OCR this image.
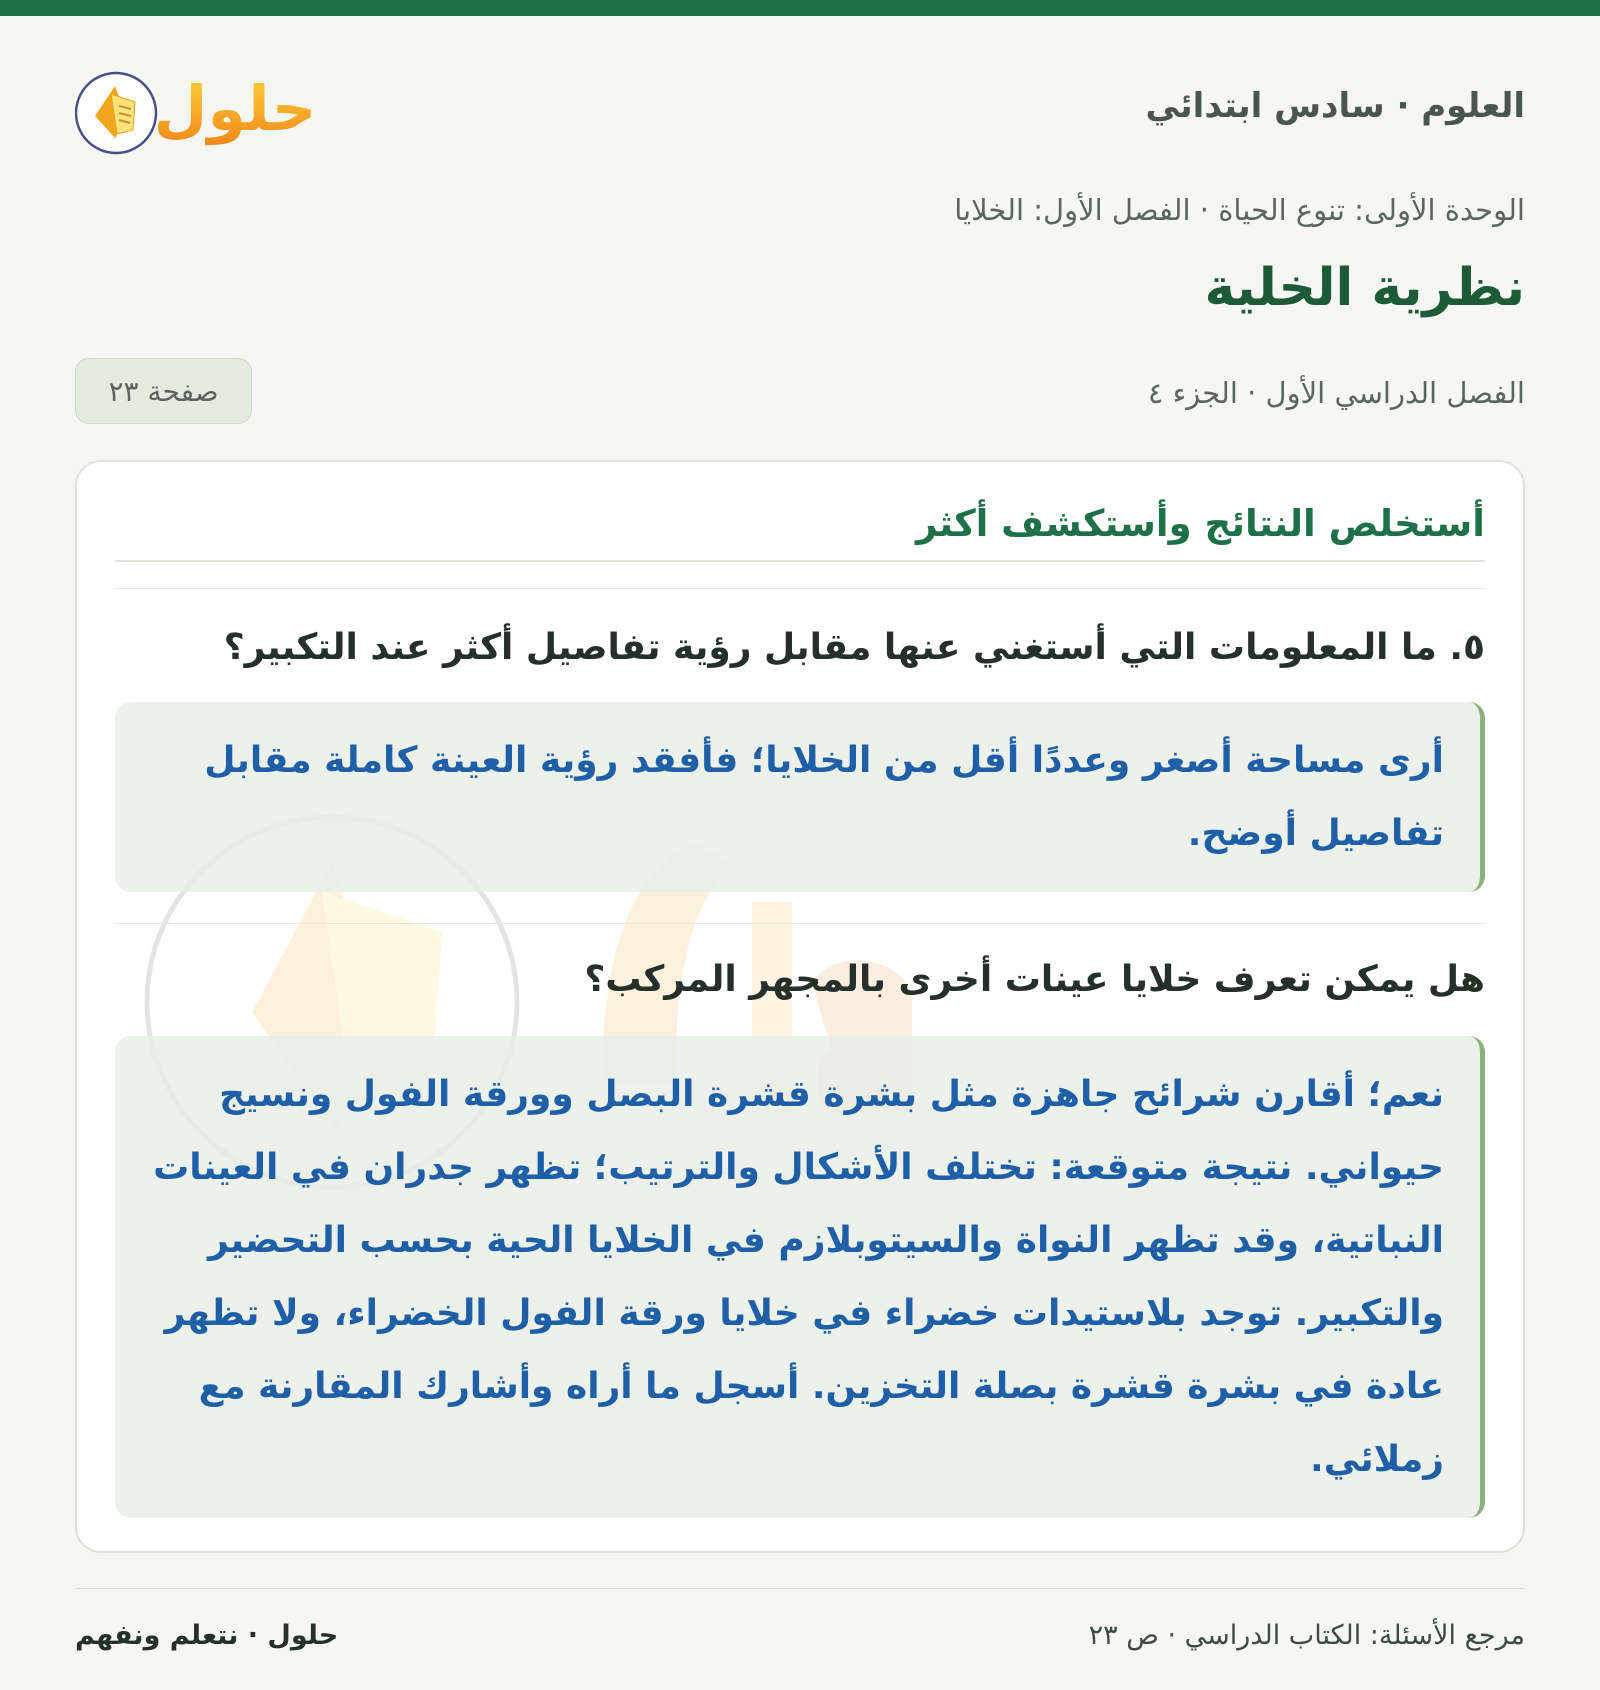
العلوم · سادس ابتدائي
حلول
الوحدة الأولى: تنوع الحياة · الفصل الأول: الخلايا
نظرية الخلية
الفصل الدراسي الأول · الجزء ٤
صفحة ٢٣
أستخلص النتائج وأستكشف أكثر
٥. ما المعلومات التي أستغني عنها مقابل رؤية تفاصيل أكثر عند التكبير؟
أرى مساحة أصغر وعددًا أقل من الخلايا؛ فأفقد رؤية العينة كاملة مقابل تفاصيل أوضح.
هل يمكن تعرف خلايا عينات أخرى بالمجهر المركب؟
نعم؛ أقارن شرائح جاهزة مثل بشرة قشرة البصل وورقة الفول ونسيج حيواني. نتيجة متوقعة: تختلف الأشكال والترتيب؛ تظهر جدران في العينات النباتية، وقد تظهر النواة والسيتوبلازم في الخلايا الحية بحسب التحضير والتكبير. توجد بلاستيدات خضراء في خلايا ورقة الفول الخضراء، ولا تظهر عادة في بشرة قشرة بصلة التخزين. أسجل ما أراه وأشارك المقارنة مع زملائي.
مرجع الأسئلة: الكتاب الدراسي · ص ٢٣
حلول · نتعلم ونفهم
